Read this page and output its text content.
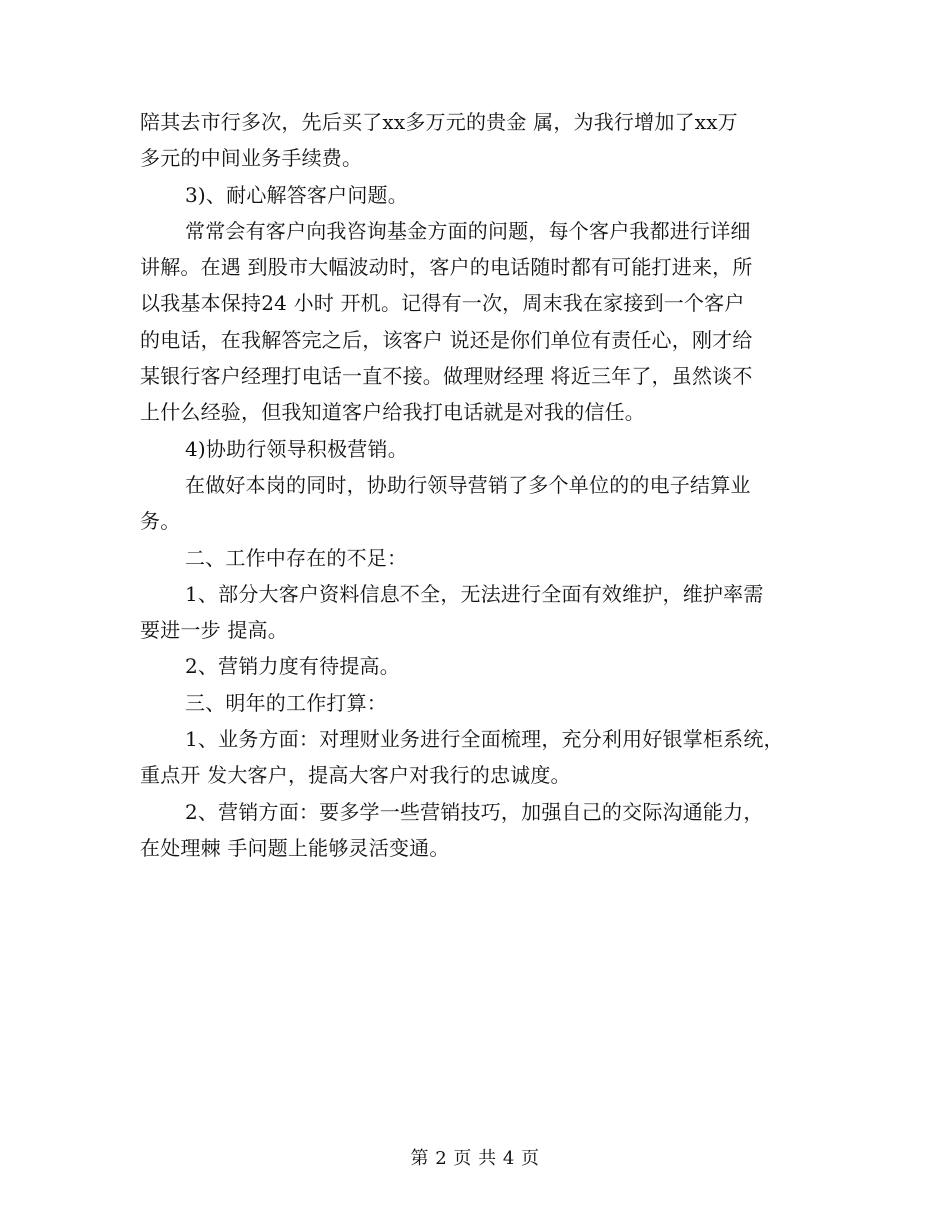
陪其去市行多次，先后买了xx多万元的贵金 属，为我行增加了xx万
多元的中间业务手续费。
3)、耐心解答客户问题。
常常会有客户向我咨询基金方面的问题，每个客户我都进行详细
讲解。在遇 到股市大幅波动时，客户的电话随时都有可能打进来，所
以我基本保持24 小时 开机。记得有一次，周末我在家接到一个客户
的电话，在我解答完之后，该客户 说还是你们单位有责任心，刚才给
某银行客户经理打电话一直不接。做理财经理 将近三年了，虽然谈不
上什么经验，但我知道客户给我打电话就是对我的信任。
4)协助行领导积极营销。
在做好本岗的同时，协助行领导营销了多个单位的的电子结算业
务。
二、工作中存在的不足：
1、部分大客户资料信息不全，无法进行全面有效维护，维护率需
要进一步 提高。
2、营销力度有待提高。
三、明年的工作打算：
1、业务方面：对理财业务进行全面梳理，充分利用好银掌柜系统，
重点开 发大客户，提高大客户对我行的忠诚度。
2、营销方面：要多学一些营销技巧，加强自己的交际沟通能力，
在处理棘 手问题上能够灵活变通。
第 2 页 共 4 页
